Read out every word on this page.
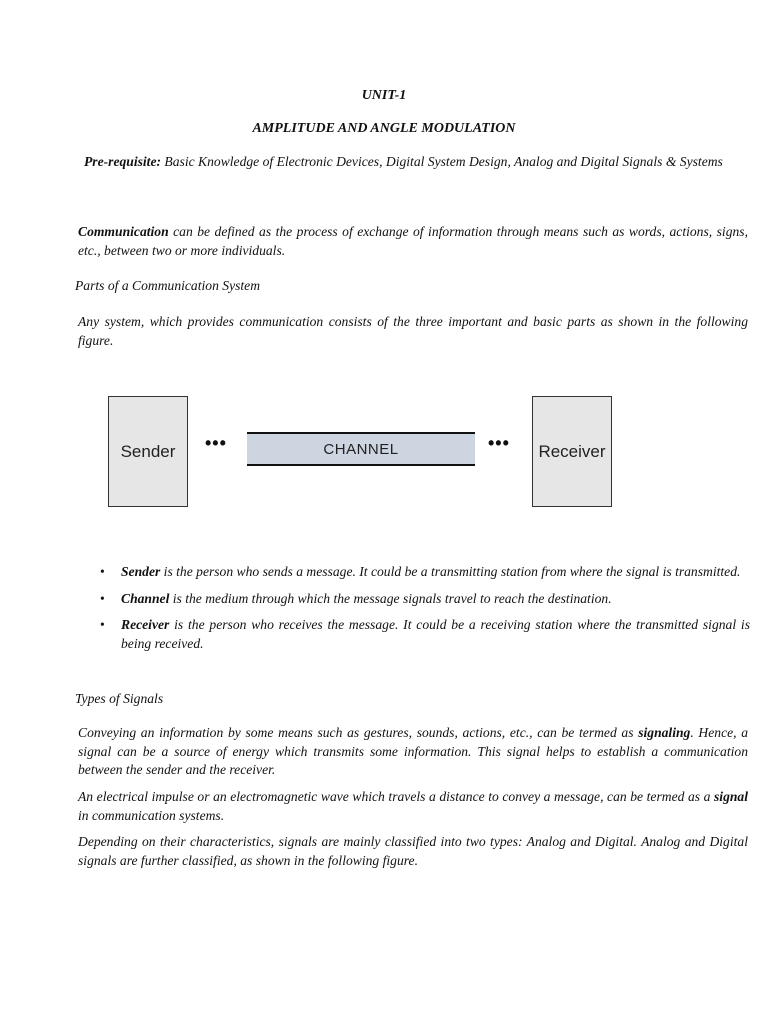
UNIT-1
AMPLITUDE AND ANGLE MODULATION
Pre-requisite: Basic Knowledge of Electronic Devices, Digital System Design, Analog and Digital Signals & Systems
Communication can be defined as the process of exchange of information through means such as words, actions, signs, etc., between two or more individuals.
Parts of a Communication System
Any system, which provides communication consists of the three important and basic parts as shown in the following figure.
Sender	•••	CHANNEL	•••	Receiver
• Sender is the person who sends a message. It could be a transmitting station from where the signal is transmitted.
• Channel is the medium through which the message signals travel to reach the destination.
• Receiver is the person who receives the message. It could be a receiving station where the transmitted signal is being received.
Types of Signals
Conveying an information by some means such as gestures, sounds, actions, etc., can be termed as signaling. Hence, a signal can be a source of energy which transmits some information. This signal helps to establish a communication between the sender and the receiver.
An electrical impulse or an electromagnetic wave which travels a distance to convey a message, can be termed as a signal in communication systems.
Depending on their characteristics, signals are mainly classified into two types: Analog and Digital. Analog and Digital signals are further classified, as shown in the following figure.
